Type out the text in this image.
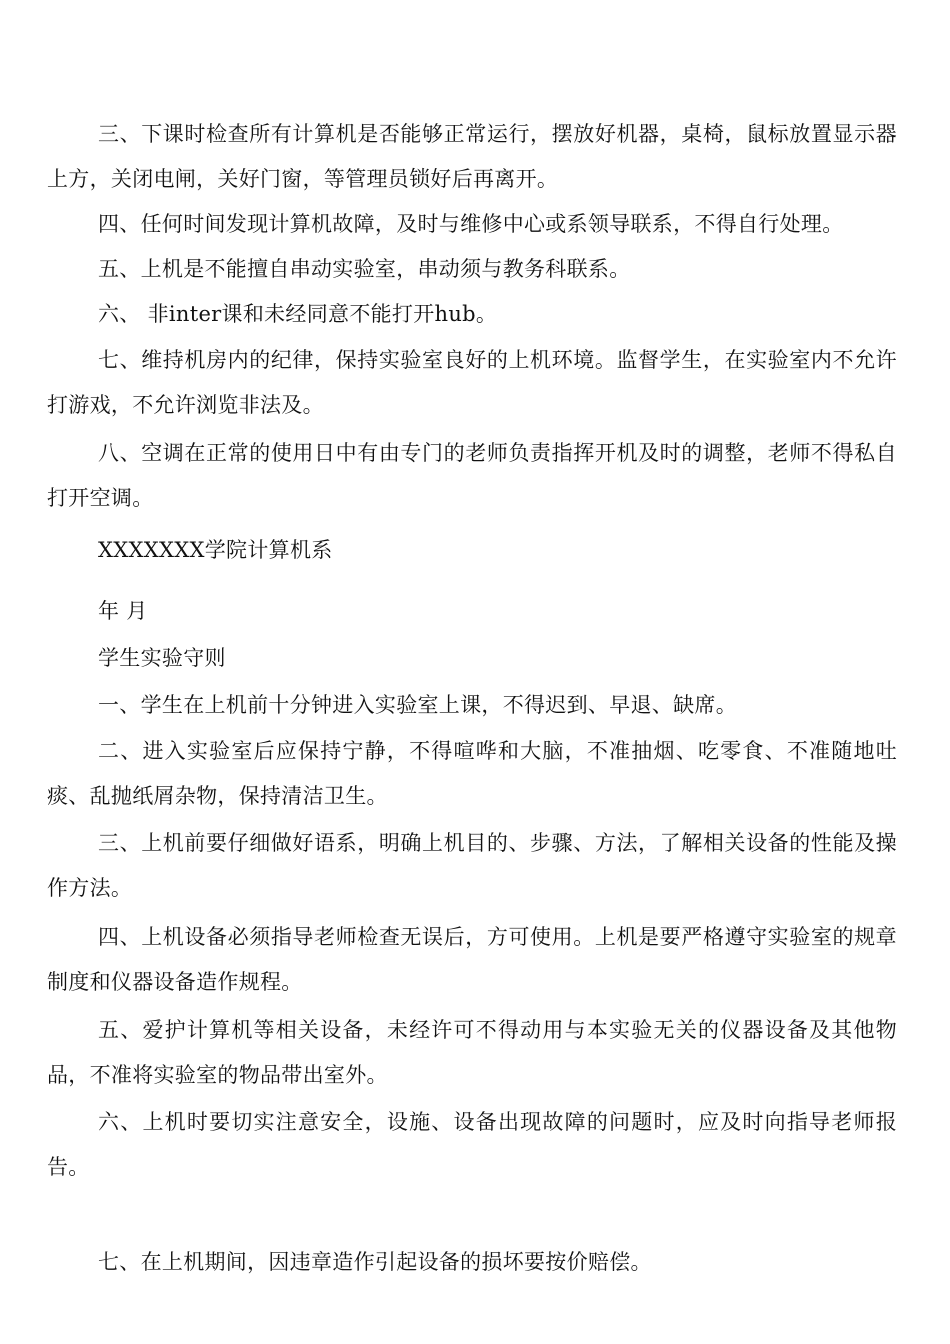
三、下课时检查所有计算机是否能够正常运行，摆放好机器，桌椅，鼠标放置显示器上方，关闭电闸，关好门窗，等管理员锁好后再离开。

四、任何时间发现计算机故障，及时与维修中心或系领导联系，不得自行处理。

五、上机是不能擅自串动实验室，串动须与教务科联系。

六、 非inter课和未经同意不能打开hub。

七、维持机房内的纪律，保持实验室良好的上机环境。监督学生，在实验室内不允许打游戏，不允许浏览非法及。

八、空调在正常的使用日中有由专门的老师负责指挥开机及时的调整，老师不得私自打开空调。

XXXXXXX学院计算机系

年 月

学生实验守则

一、学生在上机前十分钟进入实验室上课，不得迟到、早退、缺席。

二、进入实验室后应保持宁静，不得喧哗和大脑，不准抽烟、吃零食、不准随地吐痰、乱抛纸屑杂物，保持清洁卫生。

三、上机前要仔细做好语系，明确上机目的、步骤、方法，了解相关设备的性能及操作方法。

四、上机设备必须指导老师检查无误后，方可使用。上机是要严格遵守实验室的规章制度和仪器设备造作规程。

五、爱护计算机等相关设备，未经许可不得动用与本实验无关的仪器设备及其他物品，不准将实验室的物品带出室外。

六、上机时要切实注意安全，设施、设备出现故障的问题时，应及时向指导老师报告。

七、在上机期间，因违章造作引起设备的损坏要按价赔偿。
